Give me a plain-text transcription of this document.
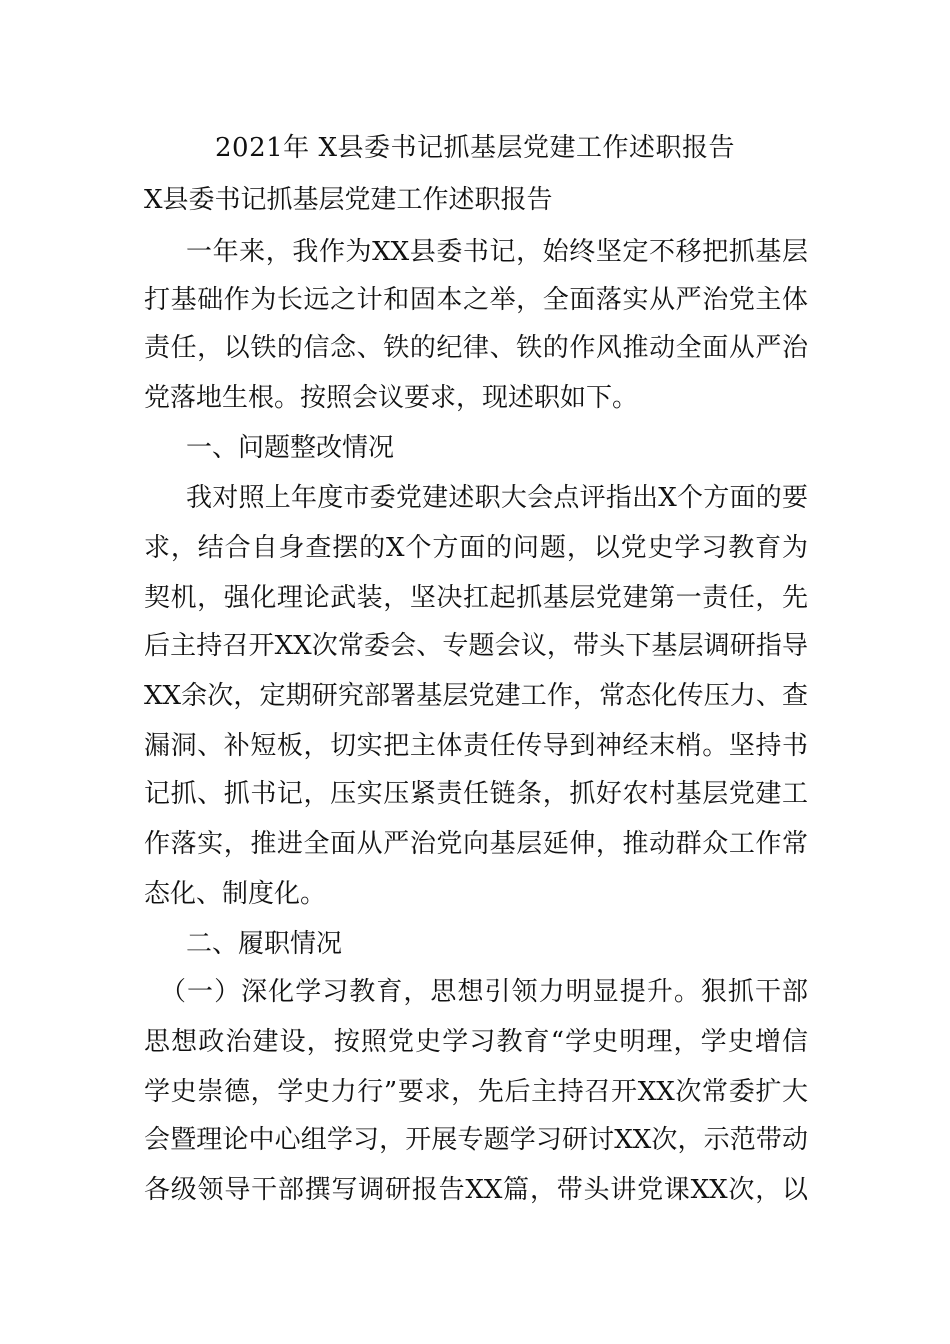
2021年 X县委书记抓基层党建工作述职报告
X县委书记抓基层党建工作述职报告
一年来，我作为XX县委书记，始终坚定不移把抓基层
打基础作为长远之计和固本之举，全面落实从严治党主体
责任，以铁的信念、铁的纪律、铁的作风推动全面从严治
党落地生根。按照会议要求，现述职如下。
一、问题整改情况
我对照上年度市委党建述职大会点评指出X个方面的要
求，结合自身查摆的X个方面的问题，以党史学习教育为
契机，强化理论武装，坚决扛起抓基层党建第一责任，先
后主持召开XX次常委会、专题会议，带头下基层调研指导
XX余次，定期研究部署基层党建工作，常态化传压力、查
漏洞、补短板，切实把主体责任传导到神经末梢。坚持书
记抓、抓书记，压实压紧责任链条，抓好农村基层党建工
作落实，推进全面从严治党向基层延伸，推动群众工作常
态化、制度化。
二、履职情况
（一）深化学习教育，思想引领力明显提升。狠抓干部
思想政治建设，按照党史学习教育“学史明理，学史增信
学史崇德，学史力行”要求，先后主持召开XX次常委扩大
会暨理论中心组学习，开展专题学习研讨XX次，示范带动
各级领导干部撰写调研报告XX篇，带头讲党课XX次，以
